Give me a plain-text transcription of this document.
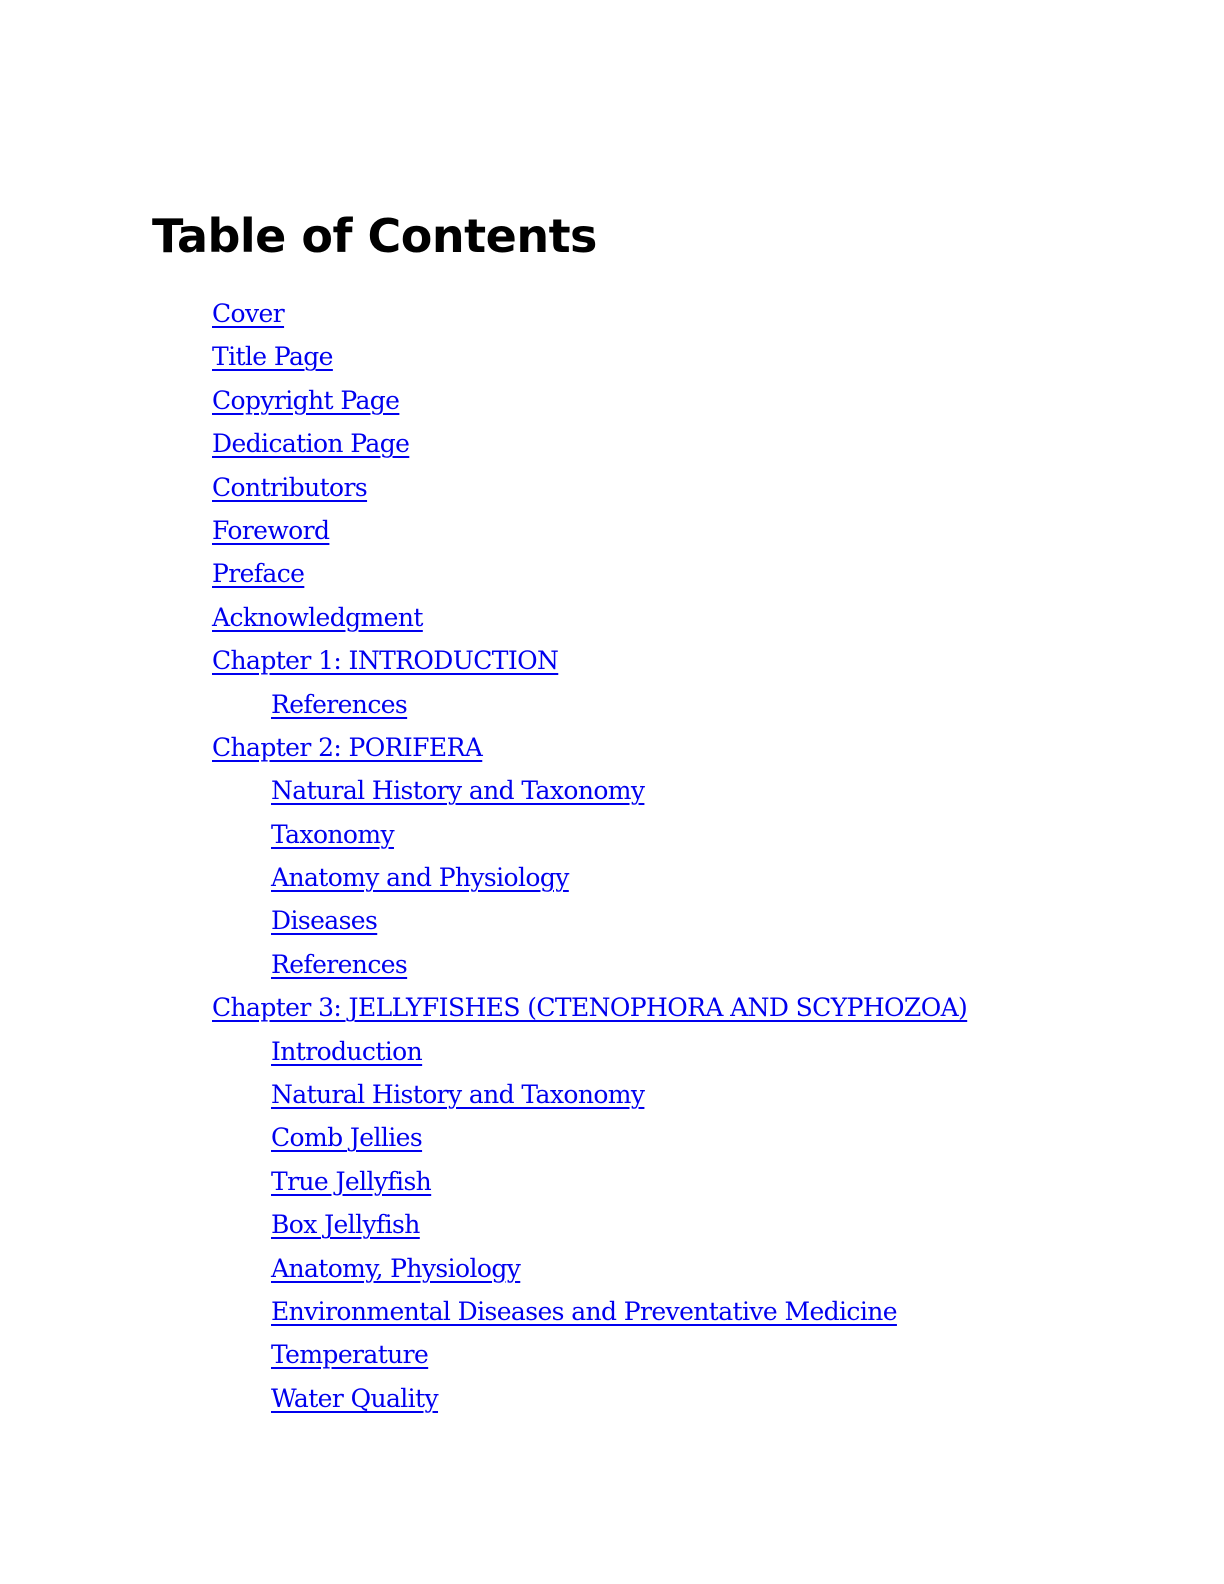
Table of Contents
Cover
Title Page
Copyright Page
Dedication Page
Contributors
Foreword
Preface
Acknowledgment
Chapter 1: INTRODUCTION
References
Chapter 2: PORIFERA
Natural History and Taxonomy
Taxonomy
Anatomy and Physiology
Diseases
References
Chapter 3: JELLYFISHES (CTENOPHORA AND SCYPHOZOA)
Introduction
Natural History and Taxonomy
Comb Jellies
True Jellyfish
Box Jellyfish
Anatomy, Physiology
Environmental Diseases and Preventative Medicine
Temperature
Water Quality
